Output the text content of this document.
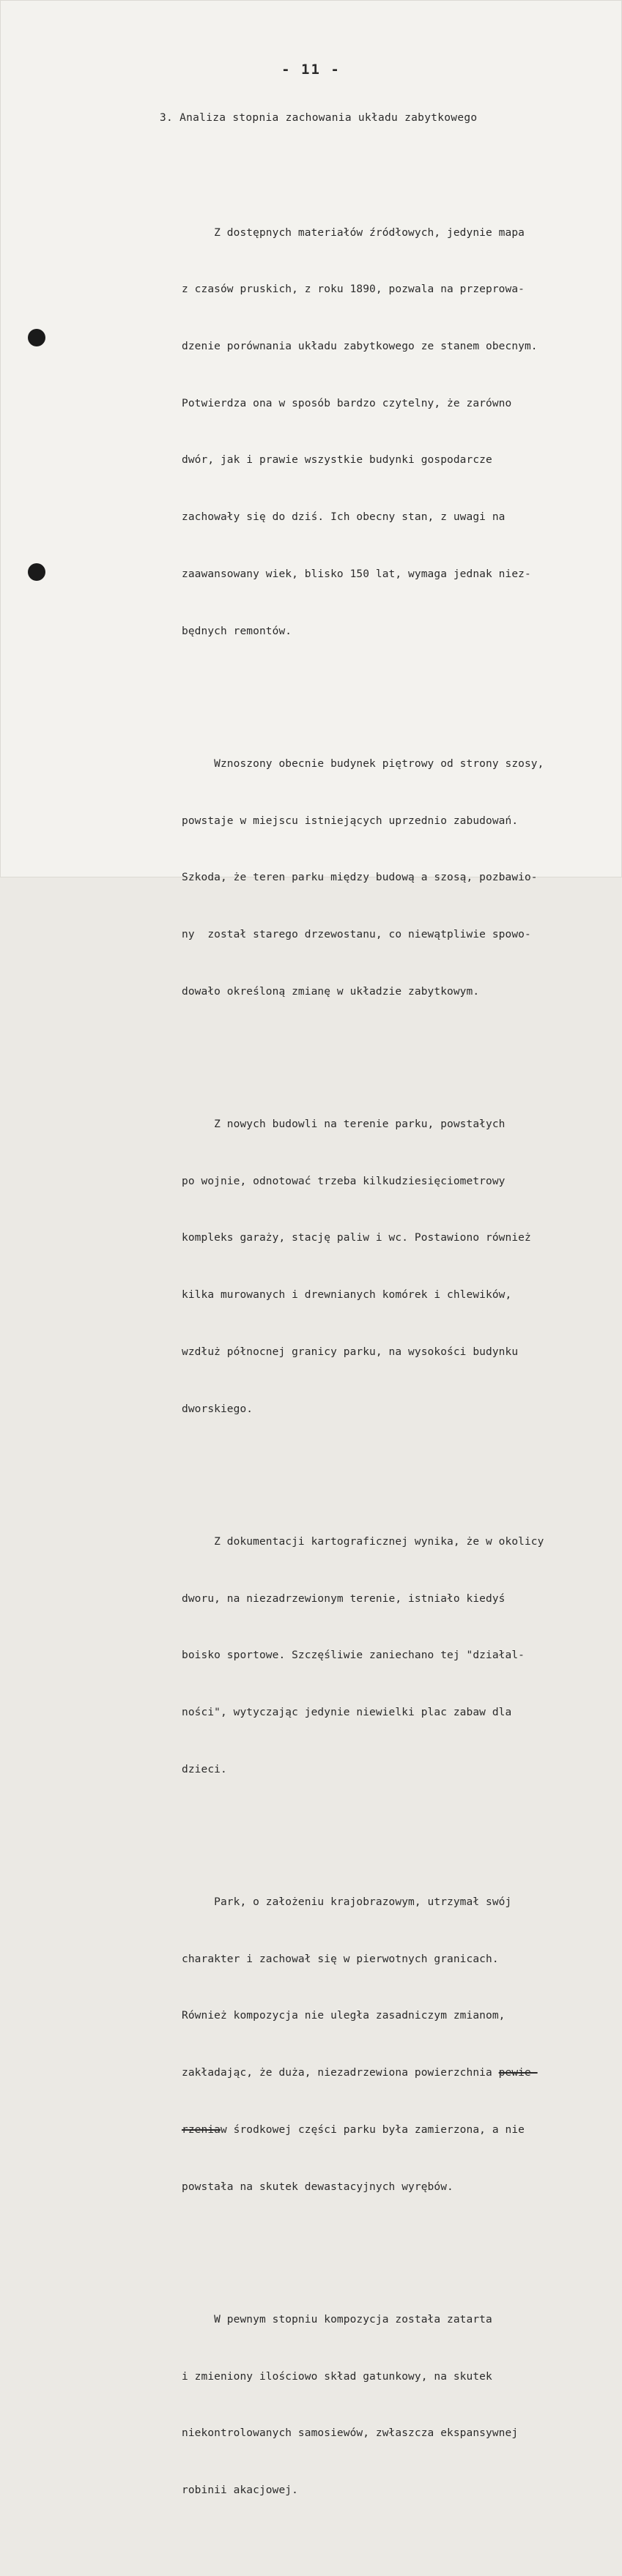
- 11 -
3. Analiza stopnia zachowania układu zabytkowego

Z dostępnych materiałów źródłowych, jedynie mapa

z czasów pruskich, z roku 1890, pozwala na przeprowa-

dzenie porównania układu zabytkowego ze stanem obecnym.

Potwierdza ona w sposób bardzo czytelny, że zarówno

dwór, jak i prawie wszystkie budynki gospodarcze

zachowały się do dziś. Ich obecny stan, z uwagi na

zaawansowany wiek, blisko 150 lat, wymaga jednak niez-

będnych remontów.

Wznoszony obecnie budynek piętrowy od strony szosy,

powstaje w miejscu istniejących uprzednio zabudowań.

Szkoda, że teren parku między budową a szosą, pozbawio-

ny  został starego drzewostanu, co niewątpliwie spowo-

dowało określoną zmianę w układzie zabytkowym.

Z nowych budowli na terenie parku, powstałych

po wojnie, odnotować trzeba kilkudziesięciometrowy

kompleks garaży, stację paliw i wc. Postawiono również

kilka murowanych i drewnianych komórek i chlewików,

wzdłuż północnej granicy parku, na wysokości budynku

dworskiego.

Z dokumentacji kartograficznej wynika, że w okolicy

dworu, na niezadrzewionym terenie, istniało kiedyś

boisko sportowe. Szczęśliwie zaniechano tej "działal-

ności", wytyczając jedynie niewielki plac zabaw dla

dzieci.

Park, o założeniu krajobrazowym, utrzymał swój

charakter i zachował się w pierwotnych granicach.

Również kompozycja nie uległa zasadniczym zmianom,

zakładając, że duża, niezadrzewiona powierzchnia pewie-

rzeniaw środkowej części parku była zamierzona, a nie

powstała na skutek dewastacyjnych wyrębów.

W pewnym stopniu kompozycja została zatarta

i zmieniony ilościowo skład gatunkowy, na skutek

niekontrolowanych samosiewów, zwłaszcza ekspansywnej

robinii akacjowej.
